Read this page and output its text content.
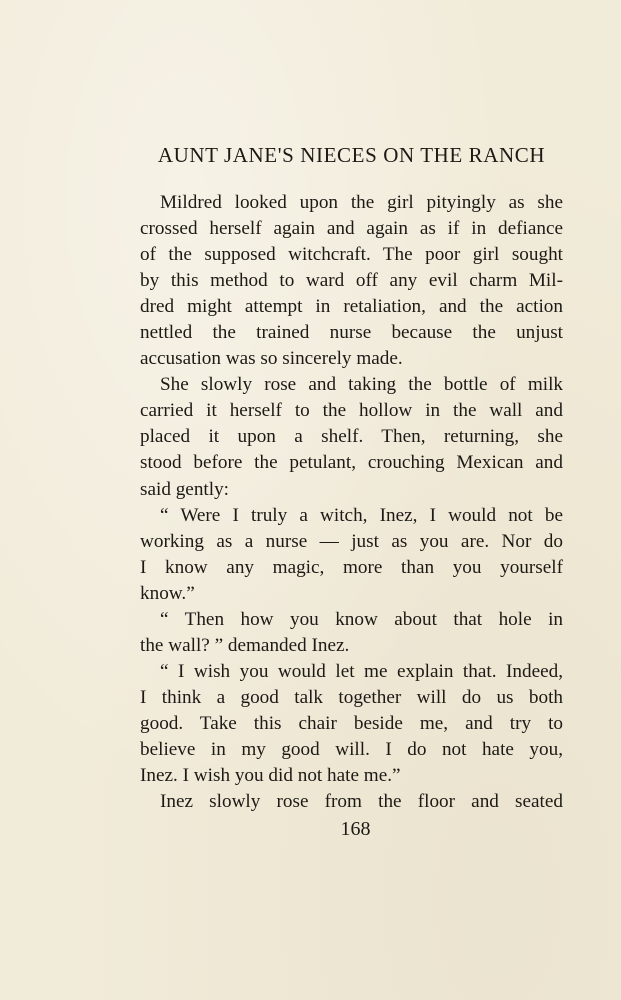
AUNT JANE'S NIECES ON THE RANCH
Mildred looked upon the girl pityingly as she
crossed herself again and again as if in defiance
of the supposed witchcraft. The poor girl sought
by this method to ward off any evil charm Mil-
dred might attempt in retaliation, and the action
nettled the trained nurse because the unjust
accusation was so sincerely made.
She slowly rose and taking the bottle of milk
carried it herself to the hollow in the wall and
placed it upon a shelf. Then, returning, she
stood before the petulant, crouching Mexican and
said gently:
“ Were I truly a witch, Inez, I would not be
working as a nurse — just as you are. Nor do
I know any magic, more than you yourself
know.”
“ Then how you know about that hole in
the wall? ” demanded Inez.
“ I wish you would let me explain that. Indeed,
I think a good talk together will do us both
good. Take this chair beside me, and try to
believe in my good will. I do not hate you,
Inez. I wish you did not hate me.”
Inez slowly rose from the floor and seated
168
